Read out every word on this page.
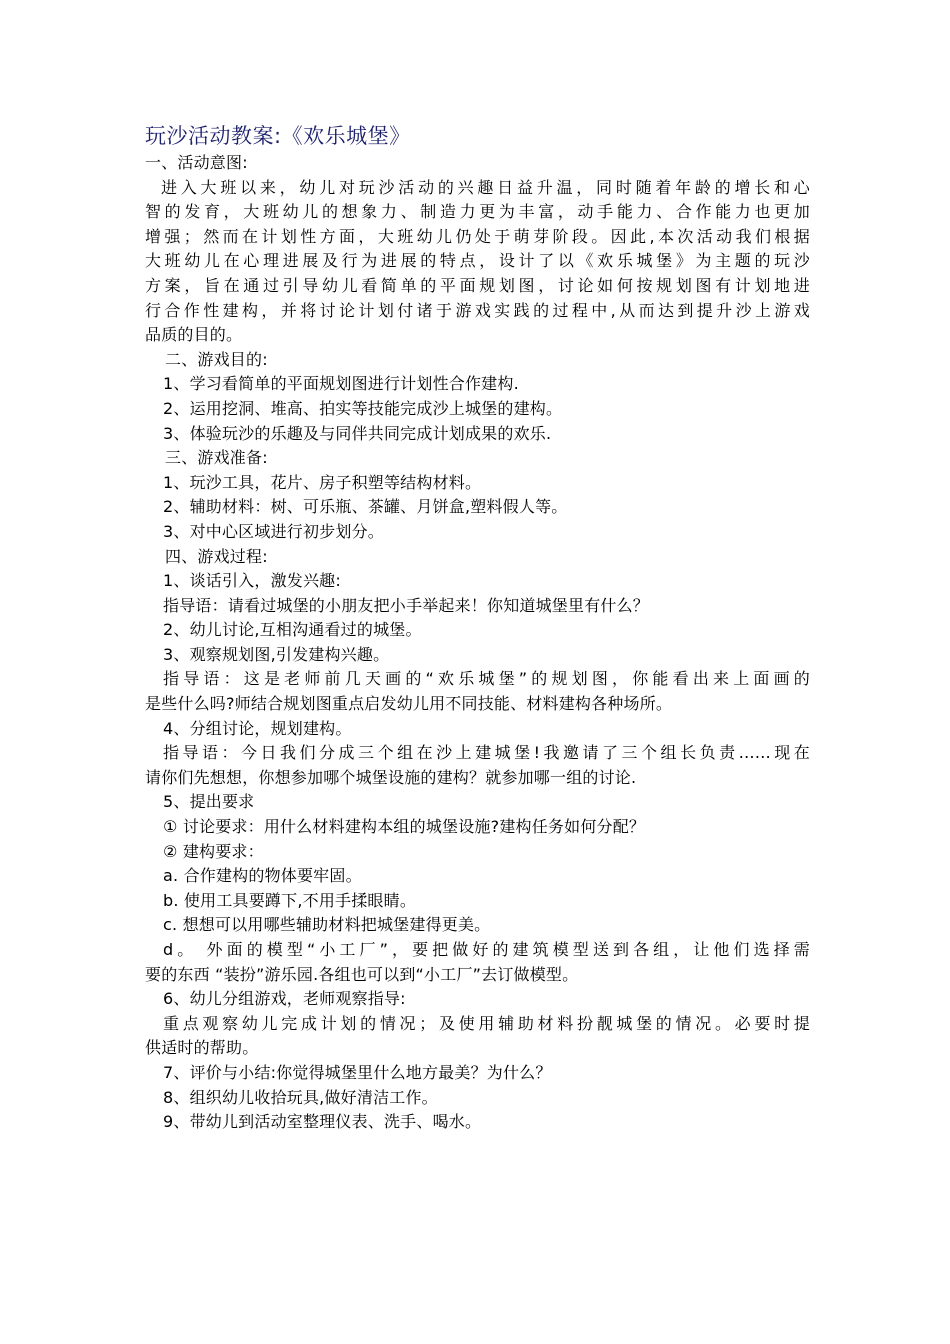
玩沙活动教案:《欢乐城堡》

一、活动意图:

进入大班以来，幼儿对玩沙活动的兴趣日益升温，同时随着年龄的增长和心

智的发育，大班幼儿的想象力、制造力更为丰富，动手能力、合作能力也更加

增强；然而在计划性方面，大班幼儿仍处于萌芽阶段。因此,本次活动我们根据

大班幼儿在心理进展及行为进展的特点，设计了以《欢乐城堡》为主题的玩沙

方案，旨在通过引导幼儿看简单的平面规划图，讨论如何按规划图有计划地进

行合作性建构，并将讨论计划付诸于游戏实践的过程中,从而达到提升沙上游戏

品质的目的。

二、游戏目的:

1、学习看简单的平面规划图进行计划性合作建构.

2、运用挖洞、堆高、拍实等技能完成沙上城堡的建构。

3、体验玩沙的乐趣及与同伴共同完成计划成果的欢乐.

三、游戏准备:

1、玩沙工具，花片、房子积塑等结构材料。

2、辅助材料：树、可乐瓶、茶罐、月饼盒,塑料假人等。

3、对中心区域进行初步划分。

四、游戏过程:

1、谈话引入，激发兴趣:

指导语：请看过城堡的小朋友把小手举起来！你知道城堡里有什么？

2、幼儿讨论,互相沟通看过的城堡。

3、观察规划图,引发建构兴趣。

指导语：这是老师前几天画的“欢乐城堡”的规划图，你能看出来上面画的

是些什么吗?师结合规划图重点启发幼儿用不同技能、材料建构各种场所。

4、分组讨论，规划建构。

指导语：今日我们分成三个组在沙上建城堡!我邀请了三个组长负责……现在

请你们先想想，你想参加哪个城堡设施的建构？就参加哪一组的讨论.

5、提出要求

① 讨论要求：用什么材料建构本组的城堡设施?建构任务如何分配？

② 建构要求：

a. 合作建构的物体要牢固。

b. 使用工具要蹲下,不用手揉眼睛。

c. 想想可以用哪些辅助材料把城堡建得更美。

d。 外面的模型“小工厂”，要把做好的建筑模型送到各组，让他们选择需

要的东西 “装扮”游乐园.各组也可以到“小工厂”去订做模型。

6、幼儿分组游戏，老师观察指导:

重点观察幼儿完成计划的情况；及使用辅助材料扮靓城堡的情况。必要时提

供适时的帮助。

7、评价与小结:你觉得城堡里什么地方最美？为什么？

8、组织幼儿收拾玩具,做好清洁工作。

9、带幼儿到活动室整理仪表、洗手、喝水。
